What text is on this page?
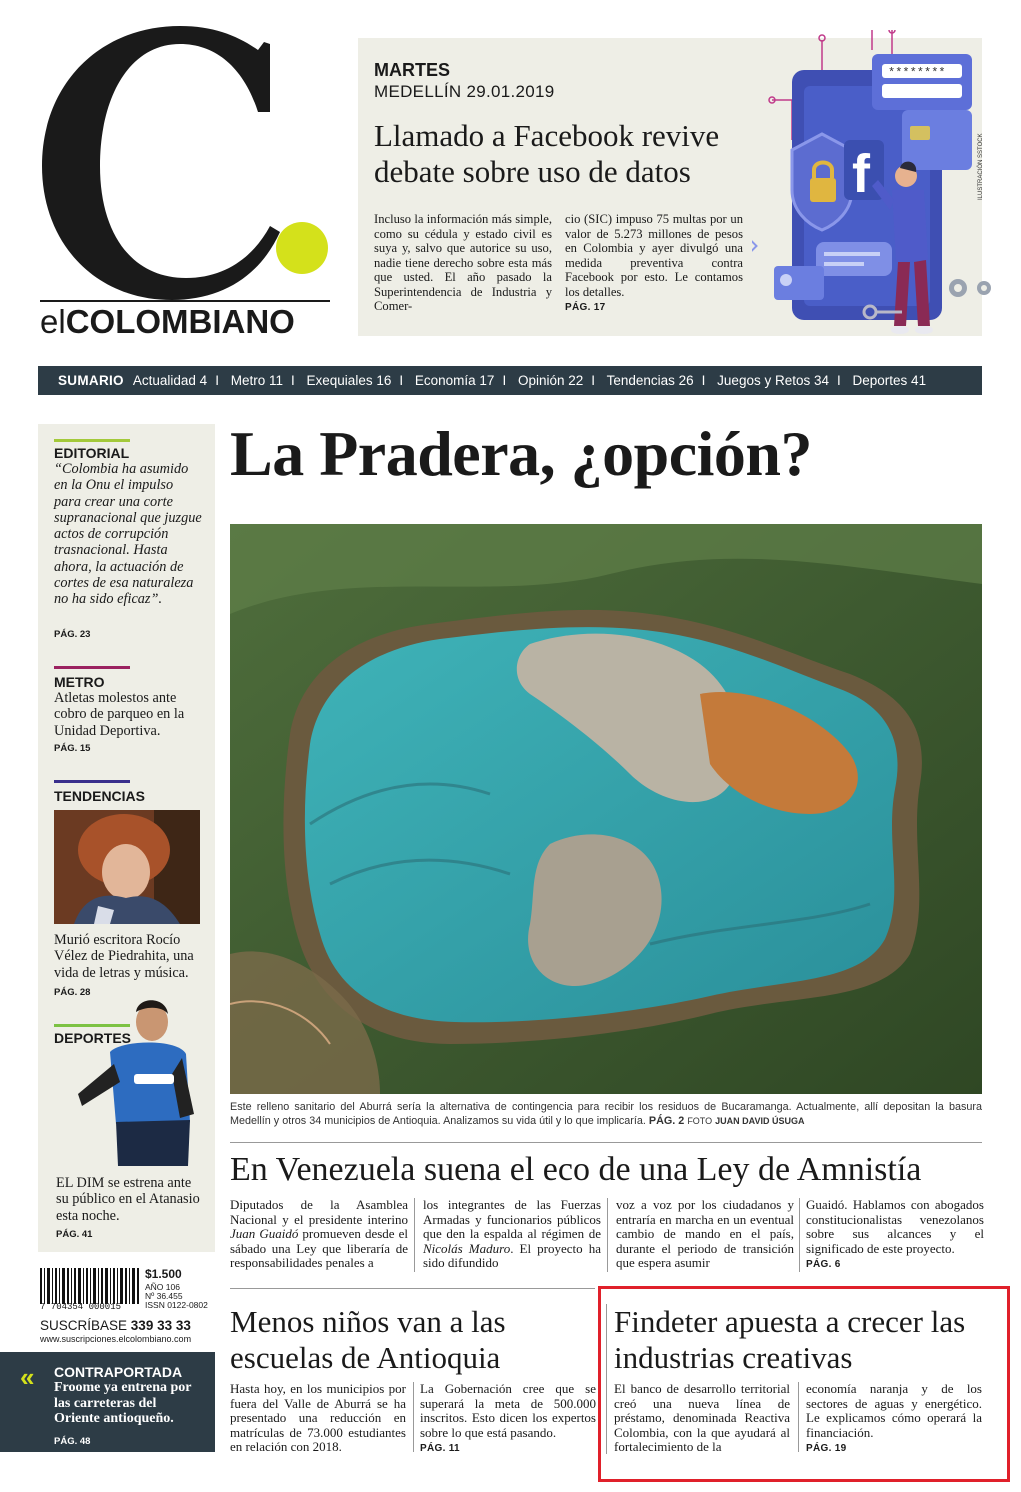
elCOLOMBIANO
MARTES
MEDELLÍN 29.01.2019
Llamado a Facebook revive debate sobre uso de datos
Incluso la información más simple, como su cédula y estado civil es suya y, salvo que autorice su uso, nadie tiene derecho sobre esta más que usted. El año pasado la Superintendencia de Industria y Comer-
cio (SIC) impuso 75 multas por un valor de 5.273 millones de pesos en Colombia y ayer divulgó una medida preventiva contra Facebook por esto. Le contamos los detalles.
PÁG. 17
********
f	ILUSTRACIÓN SSTOCK
SUMARIO Actualidad 4 I Metro 11 I Exequiales 16 I Economía 17 I Opinión 22 I Tendencias 26 I Juegos y Retos 34 I Deportes 41
EDITORIAL
“Colombia ha asumido en la Onu el impulso para crear una corte supranacional que juzgue actos de corrupción trasnacional. Hasta ahora, la actuación de cortes de esa naturaleza no ha sido eficaz”.
PÁG. 23
METRO
Atletas molestos ante cobro de parqueo en la Unidad Deportiva.
PÁG. 15
TENDENCIAS
Murió escritora Rocío Vélez de Piedrahita, una vida de letras y música.
PÁG. 28
DEPORTES
EL DIM se estrena ante su público en el Atanasio esta noche.
PÁG. 41
7 704354 000015
$1.500
AÑO 106
Nº 36.455
ISSN 0122-0802
SUSCRÍBASE 339 33 33
www.suscripciones.elcolombiano.com
« CONTRAPORTADA
Froome ya entrena por las carreteras del Oriente antioqueño.
PÁG. 48
La Pradera, ¿opción?
Este relleno sanitario del Aburrá sería la alternativa de contingencia para recibir los residuos de Bucaramanga. Actualmente, allí depositan la basura Medellín y otros 34 municipios de Antioquia. Analizamos su vida útil y lo que implicaría. PÁG. 2 FOTO JUAN DAVID ÚSUGA
En Venezuela suena el eco de una Ley de Amnistía
Diputados de la Asamblea Nacional y el presidente interino Juan Guaidó promueven desde el sábado una Ley que liberaría de responsabilidades penales a
los integrantes de las Fuerzas Armadas y funcionarios públicos que den la espalda al régimen de Nicolás Maduro. El proyecto ha sido difundido
voz a voz por los ciudadanos y entraría en marcha en un eventual cambio de mando en el país, durante el periodo de transición que espera asumir
Guaidó. Hablamos con abogados constitucionalistas venezolanos sobre sus alcances y el significado de este proyecto.
PÁG. 6
Menos niños van a las escuelas de Antioquia
Hasta hoy, en los municipios por fuera del Valle de Aburrá se ha presentado una reducción en matrículas de 73.000 estudiantes en relación con 2018.
La Gobernación cree que se superará la meta de 500.000 inscritos. Esto dicen los expertos sobre lo que está pasando.
PÁG. 11
Findeter apuesta a crecer las industrias creativas
El banco de desarrollo territorial creó una nueva línea de préstamo, denominada Reactiva Colombia, con la que ayudará al fortalecimiento de la
economía naranja y de los sectores de aguas y energético. Le explicamos cómo operará la financiación.
PÁG. 19
